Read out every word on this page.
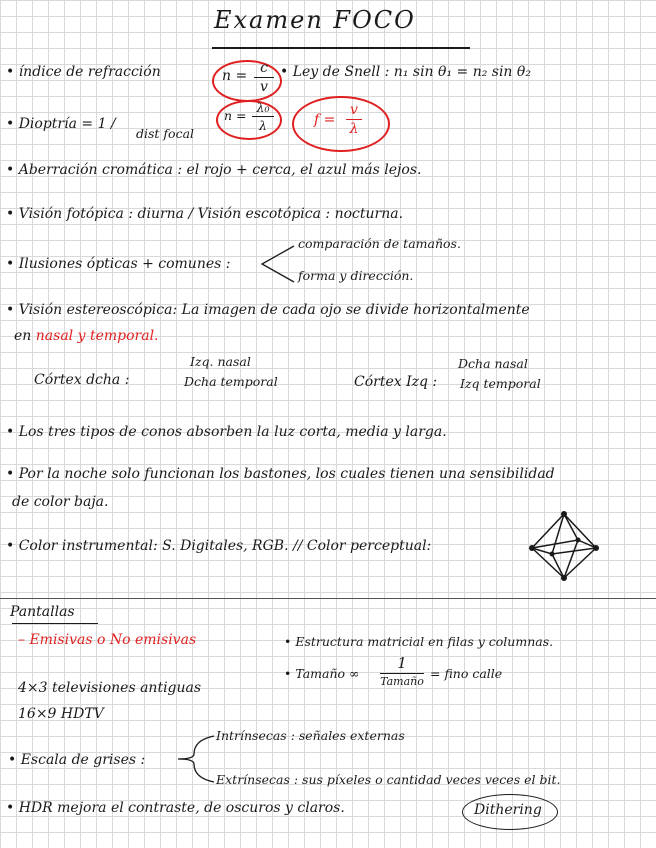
Examen FOCO
• índice de refracción	n = c
v
n =
λ₀
λ
• Ley de Snell : n₁ sin θ₁ = n₂ sin θ₂
• Dioptría = 1 /
dist focal
f =
v
λ
• Aberración cromática : el rojo + cerca, el azul más lejos.
• Visión fotópica : diurna / Visión escotópica : nocturna.
• Ilusiones ópticas + comunes :
comparación de tamaños.
forma y dirección.
• Visión estereoscópica: La imagen de cada ojo se divide horizontalmente
en nasal y temporal.
Izq. nasal
Córtex dcha :	Dcha temporal
Dcha nasal
Córtex Izq : Izq temporal
• Los tres tipos de conos absorben la luz corta, media y larga.
• Por la noche solo funcionan los bastones, los cuales tienen una sensibilidad
de color baja.
• Color instrumental: S. Digitales, RGB. // Color perceptual:
Pantallas
– Emisivas o No emisivas	• Estructura matricial en filas y columnas.
• Tamaño ∞
1
Tamaño
= fino calle
4×3 televisiones antiguas
16×9 HDTV
• Escala de grises :
Intrínsecas : señales externas
Extrínsecas : sus píxeles o cantidad veces veces el bit.
• HDR mejora el contraste, de oscuros y claros.	Dithering
